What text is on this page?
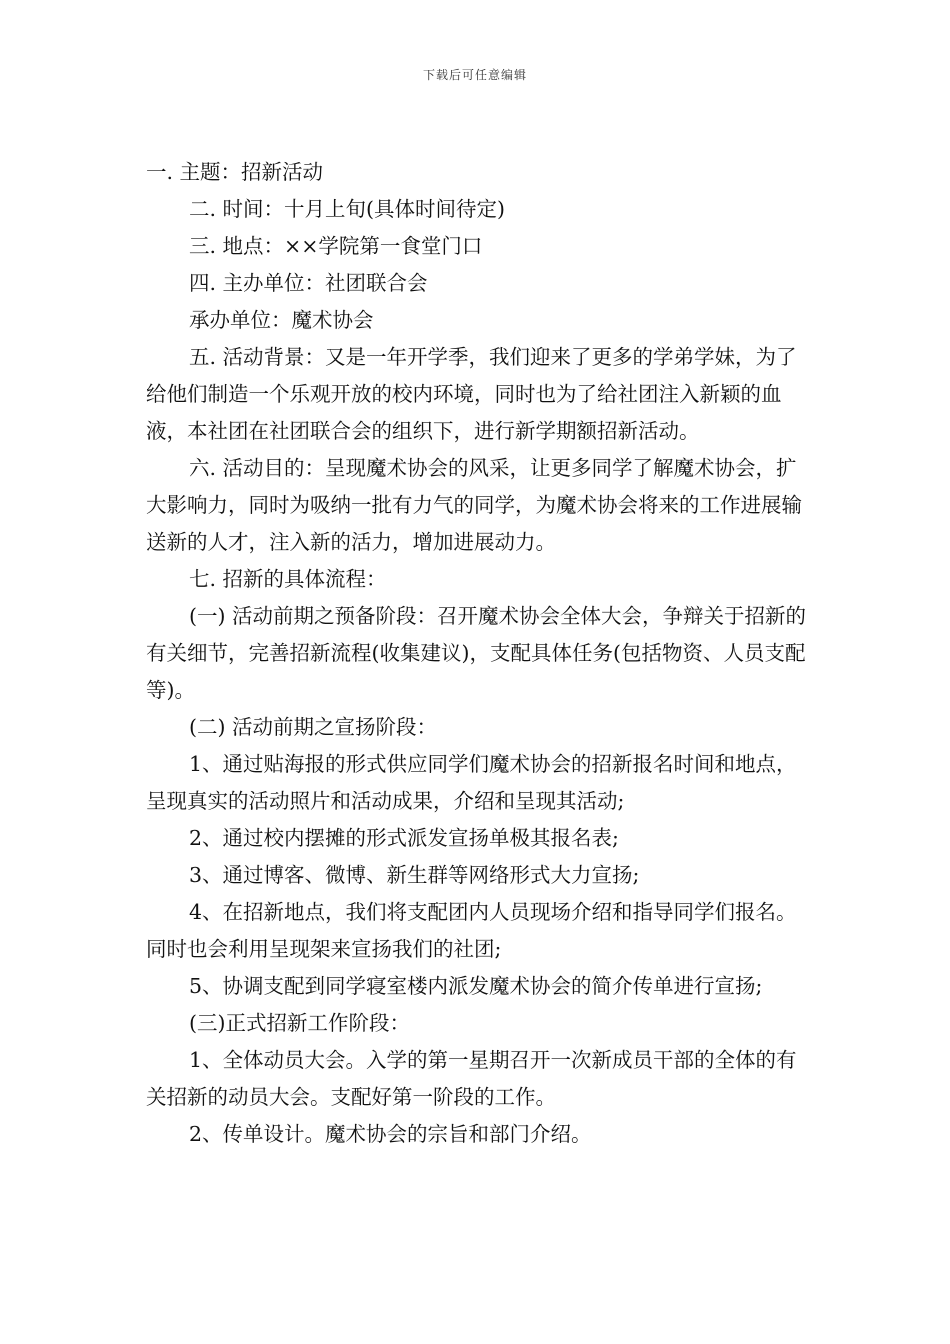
下载后可任意编辑

一. 主题：招新活动

二. 时间：十月上旬(具体时间待定)

三. 地点：××学院第一食堂门口

四. 主办单位：社团联合会

承办单位：魔术协会

五. 活动背景：又是一年开学季，我们迎来了更多的学弟学妹，为了给他们制造一个乐观开放的校内环境，同时也为了给社团注入新颖的血液，本社团在社团联合会的组织下，进行新学期额招新活动。

六. 活动目的：呈现魔术协会的风采，让更多同学了解魔术协会，扩大影响力，同时为吸纳一批有力气的同学，为魔术协会将来的工作进展输送新的人才，注入新的活力，增加进展动力。

七. 招新的具体流程：

(一) 活动前期之预备阶段：召开魔术协会全体大会，争辩关于招新的有关细节，完善招新流程(收集建议)，支配具体任务(包括物资、人员支配等)。

(二) 活动前期之宣扬阶段：

1、通过贴海报的形式供应同学们魔术协会的招新报名时间和地点，呈现真实的活动照片和活动成果，介绍和呈现其活动;

2、通过校内摆摊的形式派发宣扬单极其报名表;

3、通过博客、微博、新生群等网络形式大力宣扬;

4、在招新地点，我们将支配团内人员现场介绍和指导同学们报名。同时也会利用呈现架来宣扬我们的社团;

5、协调支配到同学寝室楼内派发魔术协会的简介传单进行宣扬;

(三)正式招新工作阶段：

1、全体动员大会。入学的第一星期召开一次新成员干部的全体的有关招新的动员大会。支配好第一阶段的工作。

2、传单设计。魔术协会的宗旨和部门介绍。
